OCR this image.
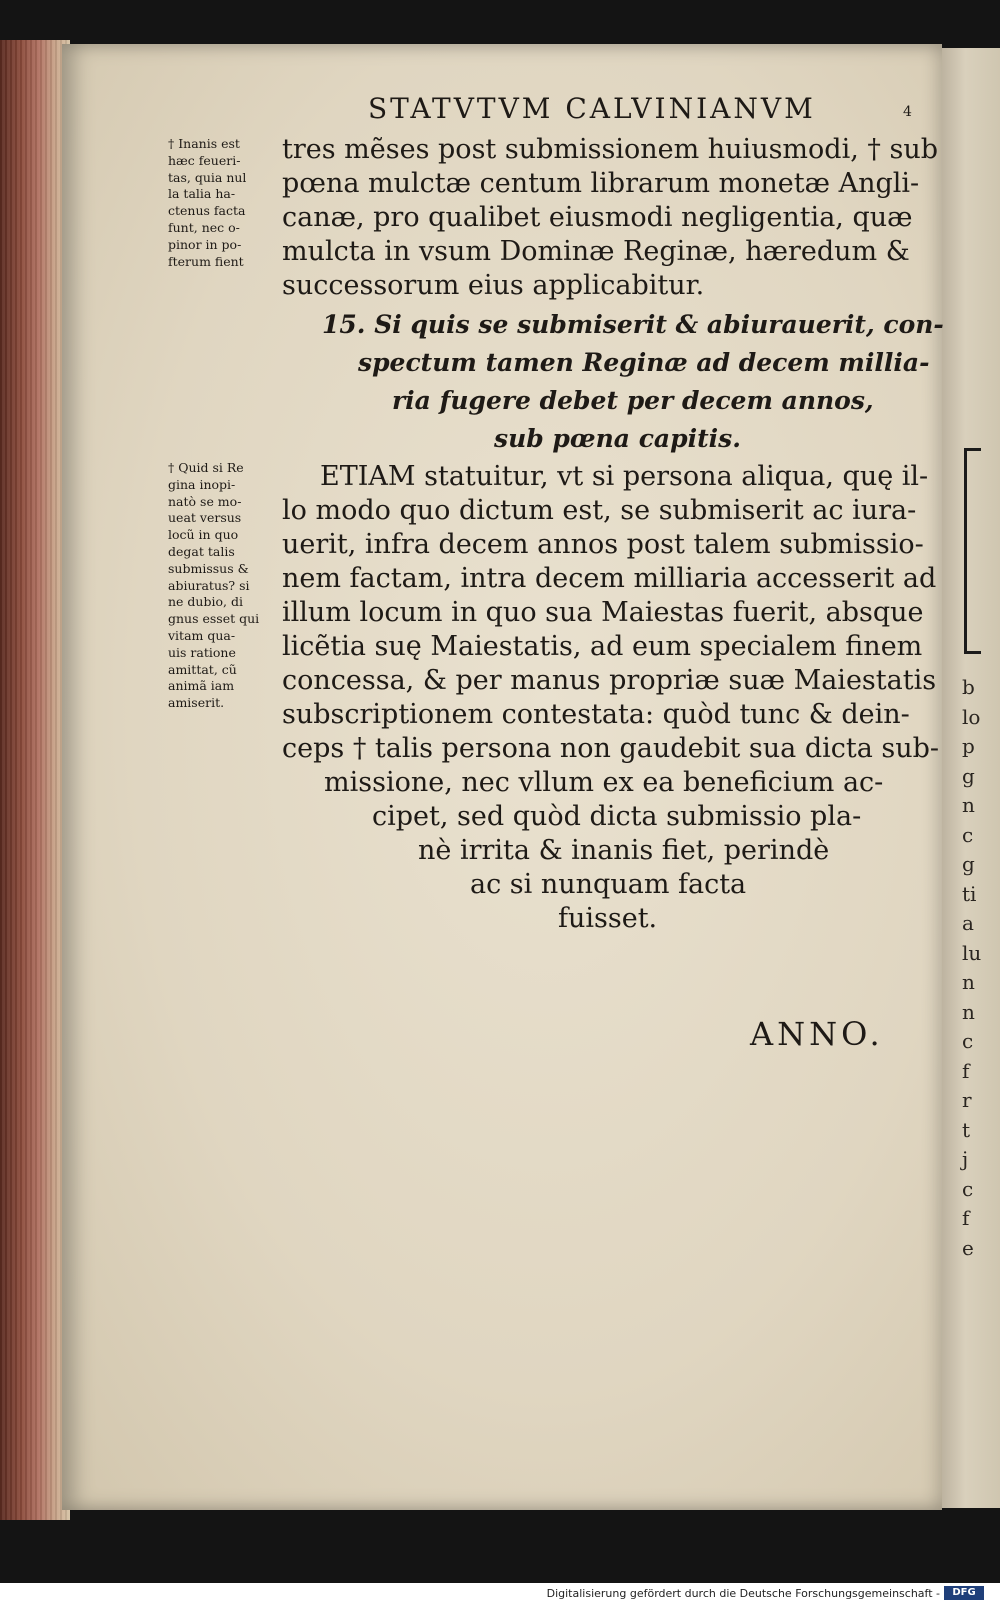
b
lo
p
g
n
c
g
ti
a
lu
n
n
c
f
r
t
j
c
f
e
STATVTVM CALVINIANVM	4
† Inanis est
hæc feueri-
tas, quia nul
la talia ha-
ctenus facta
funt, nec o-
pinor in po-
fterum fient
† Quid si Re
gina inopi-
natò se mo-
ueat versus
locũ in quo
degat talis
submissus &
abiuratus? si
ne dubio, di
gnus esset qui
vitam qua-
uis ratione
amittat, cũ
animã iam
amiserit.
tres mẽses post submissionem huiusmodi, † sub
pœna mulctæ centum librarum monetæ Angli-
canæ, pro qualibet eiusmodi negligentia, quæ
mulcta in vsum Dominæ Reginæ, hæredum &
successorum eius applicabitur.
15. Si quis se submiserit & abiurauerit, con-
spectum tamen Reginæ ad decem millia-
ria fugere debet per decem annos,
sub pœna capitis.
ETIAM statuitur, vt si persona aliqua, quę il-
lo modo quo dictum est, se submiserit ac iura-
uerit, infra decem annos post talem submissio-
nem factam, intra decem milliaria accesserit ad
illum locum in quo sua Maiestas fuerit, absque
licẽtia suę Maiestatis, ad eum specialem finem
concessa, & per manus propriæ suæ Maiestatis
subscriptionem contestata: quòd tunc & dein-
ceps † talis persona non gaudebit sua dicta sub-
missione, nec vllum ex ea beneficium ac-
cipet, sed quòd dicta submissio pla-
nè irrita & inanis fiet, perindè
ac si nunquam facta
fuisset.
ANNO.
Digitalisierung gefördert durch die Deutsche Forschungsgemeinschaft -	DFG
